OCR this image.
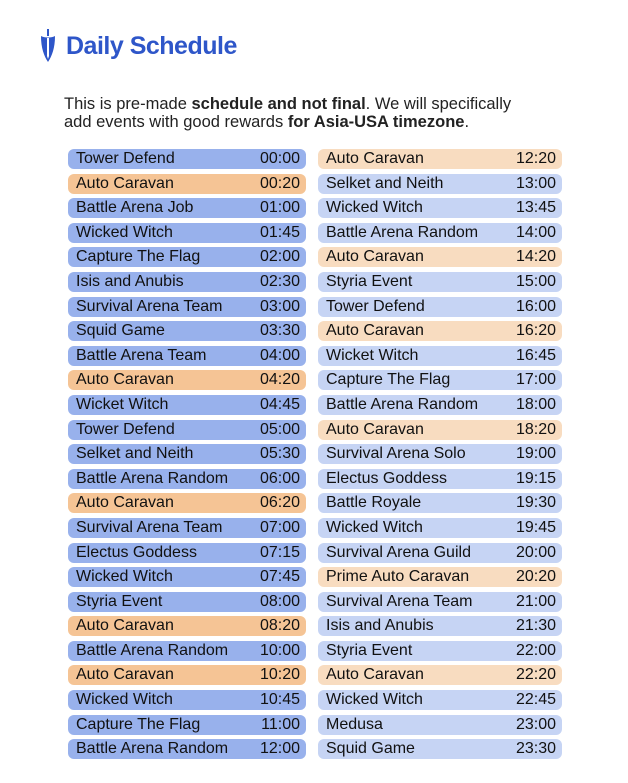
Daily Schedule
This is pre-made schedule and not final. We will specifically
add events with good rewards for Asia-USA timezone.
Tower Defend	00:00
Auto Caravan	00:20
Battle Arena Job	01:00
Wicked Witch	01:45
Capture The Flag	02:00
Isis and Anubis	02:30
Survival Arena Team 03:00
Squid Game	03:30
Battle Arena Team	04:00
Auto Caravan	04:20
Wicket Witch	04:45
Tower Defend	05:00
Selket and Neith	05:30
Battle Arena Random 06:00
Auto Caravan	06:20
Survival Arena Team 07:00
Electus Goddess	07:15
Wicked Witch	07:45
Styria Event	08:00
Auto Caravan	08:20
Battle Arena Random 10:00
Auto Caravan	10:20
Wicked Witch	10:45
Capture The Flag	11:00
Battle Arena Random 12:00
Auto Caravan	12:20
Selket and Neith	13:00
Wicked Witch	13:45
Battle Arena Random 14:00
Auto Caravan	14:20
Styria Event	15:00
Tower Defend	16:00
Auto Caravan	16:20
Wicket Witch	16:45
Capture The Flag	17:00
Battle Arena Random 18:00
Auto Caravan	18:20
Survival Arena Solo	19:00
Electus Goddess	19:15
Battle Royale	19:30
Wicked Witch	19:45
Survival Arena Guild	20:00
Prime Auto Caravan	20:20
Survival Arena Team	21:00
Isis and Anubis	21:30
Styria Event	22:00
Auto Caravan	22:20
Wicked Witch	22:45
Medusa	23:00
Squid Game	23:30
